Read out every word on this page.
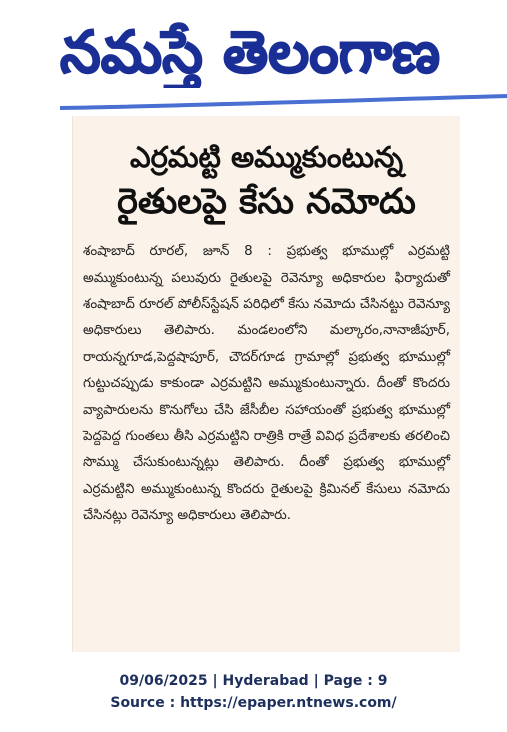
నమస్తే తెలంగాణ
ఎర్రమట్టి అమ్ముకుంటున్న
రైతులపై కేసు నమోదు
శంషాబాద్ రూరల్, జూన్ 8 : ప్రభుత్వ భూముల్లో ఎర్రమట్టి అమ్ముకుంటున్న పలువురు రైతులపై రెవెన్యూ అధికారుల ఫిర్యాదుతో శంషాబాద్ రూరల్ పోలీస్‌స్టేషన్ పరిధిలో కేసు నమోదు చేసినట్టు రెవెన్యూ అధికారులు తెలిపారు. మండలంలోని మల్కారం,నానాజీపూర్, రాయన్నగూడ,పెద్దషాపూర్, చౌదర్‌గూడ గ్రామాల్లో ప్రభుత్వ భూముల్లో గుట్టుచప్పుడు కాకుండా ఎర్రమట్టిని అమ్ముకుంటున్నారు. దీంతో కొందరు వ్యాపారులను కొనుగోలు చేసి జేసీబీల సహాయంతో ప్రభుత్వ భూముల్లో పెద్దపెద్ద గుంతలు తీసి ఎర్రమట్టిని రాత్రికి రాత్రే వివిధ ప్రదేశాలకు తరలించి సొమ్ము చేసుకుంటున్నట్లు తెలిపారు. దీంతో ప్రభుత్వ భూముల్లో ఎర్రమట్టిని అమ్ముకుంటున్న కొందరు రైతులపై క్రిమినల్ కేసులు నమోదు చేసినట్లు రెవెన్యూ అధికారులు తెలిపారు.
09/06/2025 | Hyderabad | Page : 9
Source : https://epaper.ntnews.com/
